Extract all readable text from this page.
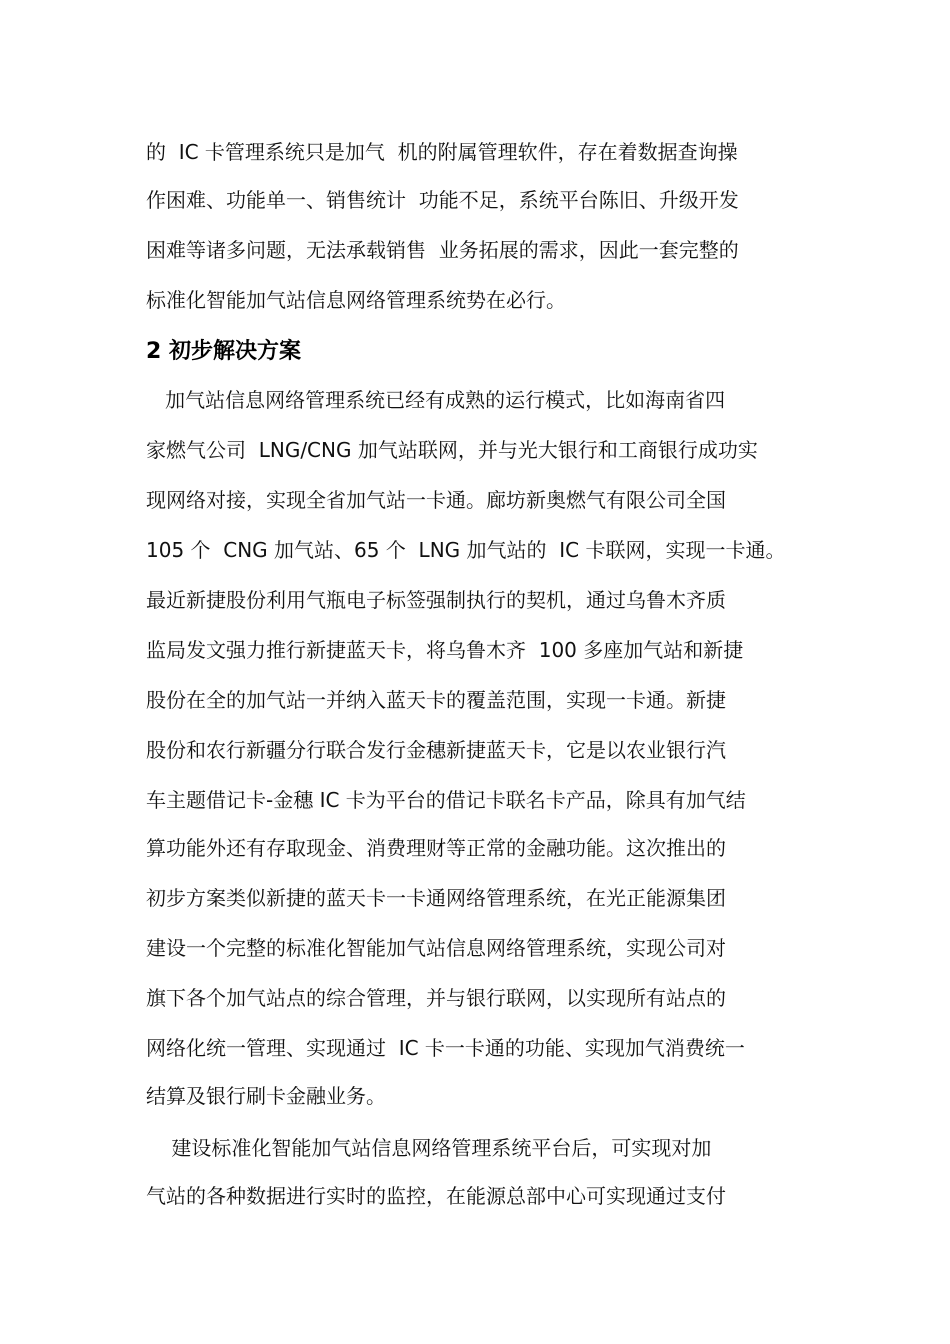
的  IC 卡管理系统只是加气  机的附属管理软件，存在着数据查询操

作困难、功能单一、销售统计  功能不足，系统平台陈旧、升级开发

困难等诸多问题，无法承载销售  业务拓展的需求，因此一套完整的

标准化智能加气站信息网络管理系统势在必行。

2 初步解决方案

加气站信息网络管理系统已经有成熟的运行模式，比如海南省四

家燃气公司  LNG/CNG 加气站联网，并与光大银行和工商银行成功实

现网络对接，实现全省加气站一卡通。廊坊新奥燃气有限公司全国

105 个  CNG 加气站、65 个  LNG 加气站的  IC 卡联网，实现一卡通。

最近新捷股份利用气瓶电子标签强制执行的契机，通过乌鲁木齐质

监局发文强力推行新捷蓝天卡，将乌鲁木齐  100 多座加气站和新捷

股份在全的加气站一并纳入蓝天卡的覆盖范围，实现一卡通。新捷

股份和农行新疆分行联合发行金穗新捷蓝天卡，它是以农业银行汽

车主题借记卡-金穗 IC 卡为平台的借记卡联名卡产品，除具有加气结

算功能外还有存取现金、消费理财等正常的金融功能。这次推出的

初步方案类似新捷的蓝天卡一卡通网络管理系统，在光正能源集团

建设一个完整的标准化智能加气站信息网络管理系统，实现公司对

旗下各个加气站点的综合管理，并与银行联网，以实现所有站点的

网络化统一管理、实现通过  IC 卡一卡通的功能、实现加气消费统一

结算及银行刷卡金融业务。

建设标准化智能加气站信息网络管理系统平台后，可实现对加

气站的各种数据进行实时的监控，在能源总部中心可实现通过支付
